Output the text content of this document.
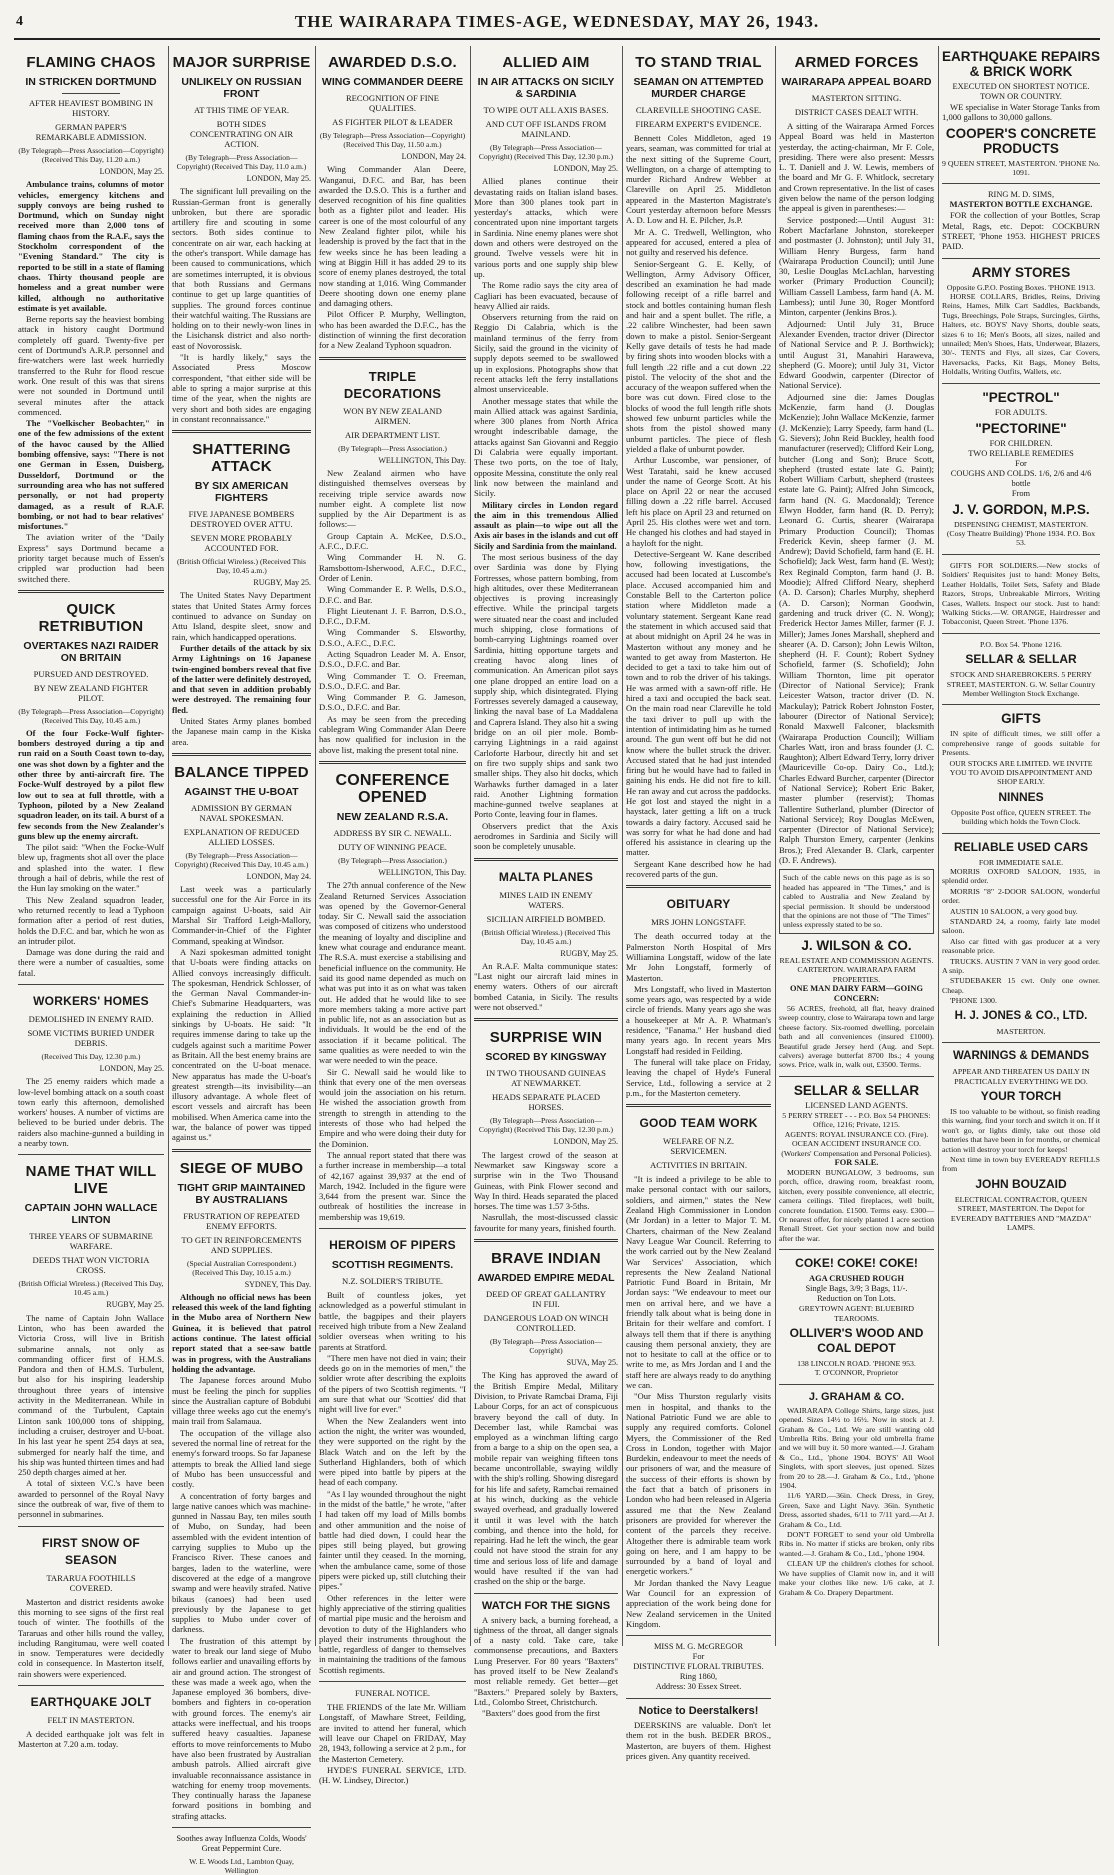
4	THE WAIRARAPA TIMES-AGE, WEDNESDAY, MAY 26, 1943.
FLAMING CHAOS
IN STRICKEN DORTMUND
AFTER HEAVIEST BOMBING IN HISTORY.
GERMAN PAPER'S REMARKABLE ADMISSION.
(By Telegraph—Press Association—Copyright) (Received This Day, 11.20 a.m.)
LONDON, May 25.

Ambulance trains, columns of motor vehicles, emergency kitchens and supply convoys are being rushed to Dortmund, which on Sunday night received more than 2,000 tons of flaming chaos from the R.A.F., says the Stockholm correspondent of the "Evening Standard." The city is reported to be still in a state of flaming chaos. Thirty thousand people are homeless and a great number were killed, although no authoritative estimate is yet available.

Berne reports say the heaviest bombing attack in history caught Dortmund completely off guard. Twenty-five per cent of Dortmund's A.R.P. personnel and fire-watchers were last week hurriedly transferred to the Ruhr for flood rescue work. One result of this was that sirens were not sounded in Dortmund until several minutes after the attack commenced.

The "Voelkischer Beobachter," in one of the few admissions of the extent of the havoc caused by the Allied bombing offensive, says: "There is not one German in Essen, Duisberg, Dusseldorf, Dortmund or the surrounding area who has not suffered personally, or not had property damaged, as a result of R.A.F. bombing, or not had to bear relatives' misfortunes."

The aviation writer of the "Daily Express" says Dortmund became a priority target because much of Essen's crippled war production had been switched there.

QUICK RETRIBUTION
OVERTAKES NAZI RAIDER ON BRITAIN
PURSUED AND DESTROYED.
BY NEW ZEALAND FIGHTER PILOT.
(By Telegraph—Press Association—Copyright) (Received This Day, 10.45 a.m.)

Of the four Focke-Wulf fighter-bombers destroyed during a tip and run raid on a South Coast town to-day, one was shot down by a fighter and the other three by anti-aircraft fire. The Focke-Wulf destroyed by a pilot flew low out to sea at full throttle, with a Typhoon, piloted by a New Zealand squadron leader, on its tail. A burst of a few seconds from the New Zealander's guns blew up the enemy aircraft.

The pilot said: "When the Focke-Wulf blew up, fragments shot all over the place and splashed into the water. I flew through a hail of debris, while the rest of the Hun lay smoking on the water."

This New Zealand squadron leader, who returned recently to lead a Typhoon formation after a period of rest duties, holds the D.F.C. and bar, which he won as an intruder pilot.

Damage was done during the raid and there were a number of casualties, some fatal.

WORKERS' HOMES
DEMOLISHED IN ENEMY RAID.
SOME VICTIMS BURIED UNDER DEBRIS.
(Received This Day, 12.30 p.m.)
LONDON, May 25.

The 25 enemy raiders which made a low-level bombing attack on a south coast town early this afternoon, demolished workers' houses. A number of victims are believed to be buried under debris. The raiders also machine-gunned a building in a nearby town.

NAME THAT WILL LIVE
CAPTAIN JOHN WALLACE LINTON
THREE YEARS OF SUBMARINE WARFARE.
DEEDS THAT WON VICTORIA CROSS.
(British Official Wireless.) (Received This Day, 10.45 a.m.)
RUGBY, May 25.

The name of Captain John Wallace Linton, who has been awarded the Victoria Cross, will live in British submarine annals, not only as commanding officer first of H.M.S. Pandora and then of H.M.S. Turbulent, but also for his inspiring leadership throughout three years of intensive activity in the Mediterranean. While in command of the Turbulent, Captain Linton sank 100,000 tons of shipping, including a cruiser, destroyer and U-boat. In his last year he spent 254 days at sea, submerged for nearly half the time, and his ship was hunted thirteen times and had 250 depth charges aimed at her.

A total of sixteen V.C.'s have been awarded to personnel of the Royal Navy since the outbreak of war, five of them to personnel in submarines.

FIRST SNOW OF SEASON
TARARUA FOOTHILLS COVERED.

Masterton and district residents awoke this morning to see signs of the first real touch of winter. The foothills of the Tararuas and other hills round the valley, including Rangitumau, were well coated in snow. Temperatures were decidedly cold in consequence. In Masterton itself, rain showers were experienced.

EARTHQUAKE JOLT
FELT IN MASTERTON.

A decided earthquake jolt was felt in Masterton at 7.20 a.m. today.

MAJOR SURPRISE
UNLIKELY ON RUSSIAN FRONT
AT THIS TIME OF YEAR.
BOTH SIDES CONCENTRATING ON AIR ACTION.
(By Telegraph—Press Association—Copyright) (Received This Day, 11.0 a.m.)
LONDON, May 25.

The significant lull prevailing on the Russian-German front is generally unbroken, but there are sporadic artillery fire and scouting in some sectors. Both sides continue to concentrate on air war, each hacking at the other's transport. While damage has been caused to communications, which are sometimes interrupted, it is obvious that both Russians and Germans continue to get up large quantities of supplies. The ground forces continue their watchful waiting. The Russians are holding on to their newly-won lines in the Lisichansk district and also north-east of Novorossisk.

"It is hardly likely," says the Associated Press Moscow correspondent, "that either side will be able to spring a major surprise at this time of the year, when the nights are very short and both sides are engaging in constant reconnaissance."

SHATTERING ATTACK
BY SIX AMERICAN FIGHTERS
FIVE JAPANESE BOMBERS DESTROYED OVER ATTU.
SEVEN MORE PROBABLY ACCOUNTED FOR.
(British Official Wireless.) (Received This Day, 10.45 a.m.)
RUGBY, May 25.

The United States Navy Department states that United States Army forces continued to advance on Sunday on Attu Island, despite sleet, snow and rain, which handicapped operations.

Further details of the attack by six Army Lightnings on 16 Japanese twin-engined bombers reveal that five of the latter were definitely destroyed, and that seven in addition probably were destroyed. The remaining four fled.

United States Army planes bombed the Japanese main camp in the Kiska area.

BALANCE TIPPED
AGAINST THE U-BOAT
ADMISSION BY GERMAN NAVAL SPOKESMAN.
EXPLANATION OF REDUCED ALLIED LOSSES.
(By Telegraph—Press Association—Copyright) (Received This Day, 10.45 a.m.)
LONDON, May 24.

Last week was a particularly successful one for the Air Force in its campaign against U-boats, said Air Marshal Sir Trafford Leigh-Mallory, Commander-in-Chief of the Fighter Command, speaking at Windsor.

A Nazi spokesman admitted tonight that U-boats were finding attacks on Allied convoys increasingly difficult. The spokesman, Hendrick Schlosser, of the German Naval Commander-in-Chief's Submarine Headquarters, was explaining the reduction in Allied sinkings by U-boats. He said: "It requires immense daring to take up the cudgels against such a maritime Power as Britain. All the best enemy brains are concentrated on the U-boat menace. New apparatus has made the U-boat's greatest strength—its invisibility—an illusory advantage. A whole fleet of escort vessels and aircraft has been mobilised. When America came into the war, the balance of power was tipped against us."

SIEGE OF MUBO
TIGHT GRIP MAINTAINED BY AUSTRALIANS
FRUSTRATION OF REPEATED ENEMY EFFORTS.
TO GET IN REINFORCEMENTS AND SUPPLIES.
(Special Australian Correspondent.) (Received This Day, 10.15 a.m.)
SYDNEY, This Day.

Although no official news has been released this week of the land fighting in the Mubo area of Northern New Guinea, it is believed that patrol actions continue. The latest official report stated that a see-saw battle was in progress, with the Australians holding the advantage.

The Japanese forces around Mubo must be feeling the pinch for supplies since the Australian capture of Bobdubi village three weeks ago cut the enemy's main trail from Salamaua.

The occupation of the village also severed the normal line of retreat for the enemy's forward troops. So far Japanese attempts to break the Allied land siege of Mubo has been unsuccessful and costly.

A concentration of forty barges and large native canoes which was machine-gunned in Nassau Bay, ten miles south of Mubo, on Sunday, had been assembled with the evident intention of carrying supplies to Mubo up the Francisco River. These canoes and barges, laden to the waterline, were discovered at the edge of a mangrove swamp and were heavily strafed. Native bikaus (canoes) had been used previously by the Japanese to get supplies to Mubo under cover of darkness.

The frustration of this attempt by water to break our land siege of Mubo follows earlier and unavailing efforts by air and ground action. The strongest of these was made a week ago, when the Japanese employed 36 bombers, dive-bombers and fighters in co-operation with ground forces. The enemy's air attacks were ineffectual, and his troops suffered heavy casualties. Japanese efforts to move reinforcements to Mubo have also been frustrated by Australian ambush patrols. Allied aircraft give invaluable reconnaissance assistance in watching for enemy troop movements. They continually harass the Japanese forward positions in bombing and strafing attacks.

Soothes away Influenza Colds, Woods' Great Peppermint Cure.
W. E. Woods Ltd., Lambton Quay, Wellington
AWARDED D.S.O.
WING COMMANDER DEERE
RECOGNITION OF FINE QUALITIES.
AS FIGHTER PILOT & LEADER
(By Telegraph—Press Association—Copyright) (Received This Day, 11.50 a.m.)
LONDON, May 24.

Wing Commander Alan Deere, Wanganui, D.F.C. and Bar, has been awarded the D.S.O. This is a further and deserved recognition of his fine qualities both as a fighter pilot and leader. His career is one of the most colourful of any New Zealand fighter pilot, while his leadership is proved by the fact that in the few weeks since he has been leading a wing at Biggin Hill it has added 29 to its score of enemy planes destroyed, the total now standing at 1,016. Wing Commander Deere shooting down one enemy plane and damaging others.

Pilot Officer P. Murphy, Wellington, who has been awarded the D.F.C., has the distinction of winning the first decoration for a New Zealand Typhoon squadron.

TRIPLE DECORATIONS
WON BY NEW ZEALAND AIRMEN.
AIR DEPARTMENT LIST.
(By Telegraph—Press Association.)
WELLINGTON, This Day.

New Zealand airmen who have distinguished themselves overseas by receiving triple service awards now number eight. A complete list now supplied by the Air Department is as follows:—

Group Captain A. McKee, D.S.O., A.F.C., D.F.C.

Wing Commander H. N. G. Ramsbottom-Isherwood, A.F.C., D.F.C., Order of Lenin.

Wing Commander E. P. Wells, D.S.O., D.F.C. and Bar.

Flight Lieutenant J. F. Barron, D.S.O., D.F.C., D.F.M.

Wing Commander S. Elsworthy, D.S.O., A.F.C., D.F.C.

Acting Squadron Leader M. A. Ensor, D.S.O., D.F.C. and Bar.

Wing Commander T. O. Freeman, D.S.O., D.F.C. and Bar.

Wing Commander P. G. Jameson, D.S.O., D.F.C. and Bar.

As may be seen from the preceding cablegram Wing Commander Alan Deere has now qualified for inclusion in the above list, making the present total nine.

CONFERENCE OPENED
NEW ZEALAND R.S.A.
ADDRESS BY SIR C. NEWALL.
DUTY OF WINNING PEACE.
(By Telegraph—Press Association.)
WELLINGTON, This Day.

The 27th annual conference of the New Zealand Returned Services Association was opened by the Governor-General today. Sir C. Newall said the association was composed of citizens who understood the meaning of loyalty and discipline and knew what courage and endurance meant. The R.S.A. must exercise a stabilising and beneficial influence on the community. He said its good name depended as much on what was put into it as on what was taken out. He added that he would like to see more members taking a more active part in public life, not as an association but as individuals. It would be the end of the association if it became political. The same qualities as were needed to win the war were needed to win the peace.

Sir C. Newall said he would like to think that every one of the men overseas would join the association on his return. He wished the association growth from strength to strength in attending to the interests of those who had helped the Empire and who were doing their duty for the Dominion.

The annual report stated that there was a further increase in membership—a total of 42,167 against 39,937 at the end of March, 1942. Included in the figure were 3,644 from the present war. Since the outbreak of hostilities the increase in membership was 19,619.

HEROISM OF PIPERS
SCOTTISH REGIMENTS.
N.Z. SOLDIER'S TRIBUTE.

Built of countless jokes, yet acknowledged as a powerful stimulant in battle, the bagpipes and their players received high tribute from a New Zealand soldier overseas when writing to his parents at Stratford.

"There men have not died in vain; their deeds go on in the memories of men," the soldier wrote after describing the exploits of the pipers of two Scottish regiments. "I am sure that what our 'Scotties' did that night will live for ever."

When the New Zealanders went into action the night, the writer was wounded, they were supported on the right by the Black Watch and on the left by the Sutherland Highlanders, both of which were piped into battle by pipers at the head of each company.

"As I lay wounded throughout the night in the midst of the battle," he wrote, "after I had taken off my load of Mills bombs and other ammunition and the noise of battle had died down, I could hear the pipes still being played, but growing fainter until they ceased. In the morning, when the ambulance came, some of those pipers were picked up, still clutching their pipes."

Other references in the letter were highly appreciative of the stirring qualities of martial pipe music and the heroism and devotion to duty of the Highlanders who played their instruments throughout the battle, regardless of danger to themselves in maintaining the traditions of the famous Scottish regiments.

FUNERAL NOTICE.

THE FRIENDS of the late Mr. William Longstaff, of Mawhare Street, Feilding, are invited to attend her funeral, which will leave our Chapel on FRIDAY, May 28, 1943, following a service at 2 p.m., for the Masterton Cemetery.

HYDE'S FUNERAL SERVICE, LTD. (H. W. Lindsey, Director.)

ALLIED AIM
IN AIR ATTACKS ON SICILY & SARDINIA
TO WIPE OUT ALL AXIS BASES.
AND CUT OFF ISLANDS FROM MAINLAND.
(By Telegraph—Press Association—Copyright) (Received This Day, 12.30 p.m.)
LONDON, May 25.

Allied planes continue their devastating raids on Italian island bases. More than 300 planes took part in yesterday's attacks, which were concentrated upon nine important targets in Sardinia. Nine enemy planes were shot down and others were destroyed on the ground. Twelve vessels were hit in various ports and one supply ship blew up.

The Rome radio says the city area of Cagliari has been evacuated, because of heavy Allied air raids.

Observers returning from the raid on Reggio Di Calabria, which is the mainland terminus of the ferry from Sicily, said the ground in the vicinity of supply depots seemed to be swallowed up in explosions. Photographs show that recent attacks left the ferry installations almost unserviceable.

Another message states that while the main Allied attack was against Sardinia, where 300 planes from North Africa wrought indescribable damage, the attacks against San Giovanni and Reggio Di Calabria were equally important. These two ports, on the toe of Italy, opposite Messina, constitute the only real link now between the mainland and Sicily.

Military circles in London regard the aim in this tremendous Allied assault as plain—to wipe out all the Axis air bases in the islands and cut off Sicily and Sardinia from the mainland.

The most serious business of the day over Sardinia was done by Flying Fortresses, whose pattern bombing, from high altitudes, over these Mediterranean objectives is proving increasingly effective. While the principal targets were situated near the coast and included much shipping, close formations of bomb-carrying Lightnings roamed over Sardinia, hitting opportune targets and creating havoc along lines of communication. An American pilot says one plane dropped an entire load on a supply ship, which disintegrated. Flying Fortresses severely damaged a causeway, linking the naval base of La Maddalena and Caprera Island. They also hit a swing bridge on an oil pier mole. Bomb-carrying Lightnings in a raid against Carloforte Harbour, directly hit and set on fire two supply ships and sank two smaller ships. They also hit docks, which Warhawks further damaged in a later raid. Another Lightning formation machine-gunned twelve seaplanes at Porto Conte, leaving four in flames.

Observers predict that the Axis aerodromes in Sardinia and Sicily will soon be completely unusable.

MALTA PLANES
MINES LAID IN ENEMY WATERS.
SICILIAN AIRFIELD BOMBED.
(British Official Wireless.) (Received This Day, 10.45 a.m.)
RUGBY, May 25.

An R.A.F. Malta communique states: "Last night our aircraft laid mines in enemy waters. Others of our aircraft bombed Catania, in Sicily. The results were not observed."

SURPRISE WIN
SCORED BY KINGSWAY
IN TWO THOUSAND GUINEAS AT NEWMARKET.
HEADS SEPARATE PLACED HORSES.
(By Telegraph—Press Association—Copyright) (Received This Day, 12.30 p.m.)
LONDON, May 25.

The largest crowd of the season at Newmarket saw Kingsway score a surprise win in the Two Thousand Guineas, with Pink Flower second and Way In third. Heads separated the placed horses. The time was 1.57 3-5ths.

Nasrullah, the most-discussed classic favourite for many years, finished fourth.

BRAVE INDIAN
AWARDED EMPIRE MEDAL
DEED OF GREAT GALLANTRY IN FIJI.
DANGEROUS LOAD ON WINCH CONTROLLED.
(By Telegraph—Press Association—Copyright)
SUVA, May 25.

The King has approved the award of the British Empire Medal, Military Division, to Private Ramcbai Drama, Fiji Labour Corps, for an act of conspicuous bravery beyond the call of duty. In December last, while Ramcbai was employed as a winchman lifting cargo from a barge to a ship on the open sea, a mobile repair van weighing fifteen tons became uncontrollable, swaying wildly with the ship's rolling. Showing disregard for his life and safety, Ramcbai remained at his winch, ducking as the vehicle swayed overhead, and gradually lowered it until it was level with the hatch combing, and thence into the hold, for repairing. Had he left the winch, the gear could not have stood the strain for any time and serious loss of life and damage would have resulted if the van had crashed on the ship or the barge.

WATCH FOR THE SIGNS

A snivery back, a burning forehead, a tightness of the throat, all danger signals of a nasty cold. Take care, take commonsense precautions, and Baxters Lung Preserver. For 80 years "Baxters" has proved itself to be New Zealand's most reliable remedy. Get better—get "Baxters." Prepared solely by Baxters, Ltd., Colombo Street, Christchurch.

"Baxters" does good from the first

TO STAND TRIAL
SEAMAN ON ATTEMPTED MURDER CHARGE
CLAREVILLE SHOOTING CASE.
FIREARM EXPERT'S EVIDENCE.

Bennett Coles Middleton, aged 19 years, seaman, was committed for trial at the next sitting of the Supreme Court, Wellington, on a charge of attempting to murder Richard Andrew Webber at Clareville on April 25. Middleton appeared in the Masterton Magistrate's Court yesterday afternoon before Messrs A. D. Low and H. E. Pilcher, Js.P.

Mr A. C. Tredwell, Wellington, who appeared for accused, entered a plea of not guilty and reserved his defence.

Senior-Sergeant G. E. Kelly, of Wellington, Army Advisory Officer, described an examination he had made following receipt of a rifle barrel and stock and bottles containing human flesh and hair and a spent bullet. The rifle, a .22 calibre Winchester, had been sawn down to make a pistol. Senior-Sergeant Kelly gave details of tests he had made by firing shots into wooden blocks with a full length .22 rifle and a cut down .22 pistol. The velocity of the shot and the accuracy of the weapon suffered when the bore was cut down. Fired close to the blocks of wood the full length rifle shots showed few unburnt particles while the shots from the pistol showed many unburnt particles. The piece of flesh yielded a flake of unburnt powder.

Arthur Luscombe, war pensioner, of West Taratahi, said he knew accused under the name of George Scott. At his place on April 22 or near the accused filling down a .22 rifle barrel. Accused left his place on April 23 and returned on April 25. His clothes were wet and torn. He changed his clothes and had stayed in a hayloft for the night.

Detective-Sergeant W. Kane described how, following investigations, the accused had been located at Luscombe's place. Accused accompanied him and Constable Bell to the Carterton police station where Middleton made a voluntary statement. Sergeant Kane read the statement in which accused said that at about midnight on April 24 he was in Masterton without any money and he wanted to get away from Masterton. He decided to get a taxi to take him out of town and to rob the driver of his takings. He was armed with a sawn-off rifle. He hired a taxi and occupied the back seat. On the main road near Clareville he told the taxi driver to pull up with the intention of intimidating him as he turned around. The gun went off but he did not know where the bullet struck the driver. Accused stated that he had just intended firing but he would have had to failed in gaining his ends. He did not fire to kill. He ran away and cut across the paddocks. He got lost and stayed the night in a haystack, later getting a lift on a truck towards a dairy factory. Accused said he was sorry for what he had done and had offered his assistance in clearing up the matter.

Sergeant Kane described how he had recovered parts of the gun.

OBITUARY
MRS JOHN LONGSTAFF.

The death occurred today at the Palmerston North Hospital of Mrs Williamina Longstaff, widow of the late Mr John Longstaff, formerly of Masterton.

Mrs Longstaff, who lived in Masterton some years ago, was respected by a wide circle of friends. Many years ago she was a housekeeper at Mr A. P. Whatman's residence, "Fanama." Her husband died many years ago. In recent years Mrs Longstaff had resided in Feilding.

The funeral will take place on Friday, leaving the chapel of Hyde's Funeral Service, Ltd., following a service at 2 p.m., for the Masterton cemetery.

GOOD TEAM WORK
WELFARE OF N.Z. SERVICEMEN.
ACTIVITIES IN BRITAIN.

"It is indeed a privilege to be able to make personal contact with our sailors, soldiers, and airmen," states the New Zealand High Commissioner in London (Mr Jordan) in a letter to Major T. M. Charters, chairman of the New Zealand Navy League War Council. Referring to the work carried out by the New Zealand War Services' Association, which represents the New Zealand National Patriotic Fund Board in Britain, Mr Jordan says: "We endeavour to meet our men on arrival here, and we have a friendly talk about what is being done in Britain for their welfare and comfort. I always tell them that if there is anything causing them personal anxiety, they are not to hesitate to call at the office or to write to me, as Mrs Jordan and I and the staff here are always ready to do anything we can.

"Our Miss Thurston regularly visits men in hospital, and thanks to the National Patriotic Fund we are able to supply any required comforts. Colonel Myers, the Commissioner of the Red Cross in London, together with Major Burdekin, endeavour to meet the needs of our prisoners of war, and the measure of the success of their efforts is shown by the fact that a batch of prisoners in London who had been released in Algeria assured me that the New Zealand prisoners are provided for wherever the content of the parcels they receive. Altogether there is admirable team work going on here, and I am happy to be surrounded by a band of loyal and energetic workers."

Mr Jordan thanked the Navy League War Council for an expression of appreciation of the work being done for New Zealand servicemen in the United Kingdom.

MISS M. G. McGREGOR
For
DISTINCTIVE FLORAL TRIBUTES.
Ring 1860,
Address: 30 Essex Street.
Notice to Deerstalkers!

DEERSKINS are valuable. Don't let them rot in the bush. BEDER BROS., Masterton, are buyers of them. Highest prices given. Any quantity received.

ARMED FORCES
WAIRARAPA APPEAL BOARD
MASTERTON SITTING.
DISTRICT CASES DEALT WITH.

A sitting of the Wairarapa Armed Forces Appeal Board was held in Masterton yesterday, the acting-chairman, Mr F. Cole, presiding. There were also present: Messrs L. T. Daniell and J. W. Lewis, members of the board and Mr G. F. Whitlock, secretary and Crown representative. In the list of cases given below the name of the person lodging the appeal is given in parentheses:—

Service postponed:—Until August 31: Robert Macfarlane Johnston, storekeeper and postmaster (J. Johnston); until July 31, William Henry Burgess, farm hand (Wairarapa Production Council); until June 30, Leslie Douglas McLachlan, harvesting worker (Primary Production Council); William Cassell Lambess, farm hand (A. M. Lambess); until June 30, Roger Montford Minton, carpenter (Jenkins Bros.).

Adjourned: Until July 31, Bruce Alexander Evenden, tractor driver (Director of National Service and P. J. Borthwick); until August 31, Manahiri Haraweva, shepherd (G. Moore); until July 31, Victor Edward Goodwin, carpenter (Director of National Service).

Adjourned sine die: James Douglas McKenzie, farm hand (J. Douglas McKenzie); John Wallace McKenzie, farmer (J. McKenzie); Larry Speedy, farm hand (L. G. Sievers); John Reid Buckley, health food manufacturer (reserved); Clifford Keir Long, butcher (Long and Son); Bruce Scott, shepherd (trusted estate late G. Paint); Robert William Carbutt, shepherd (trustees estate late G. Paint); Alfred John Simcock, farm hand (N. G. Macdonald); Terence Elwyn Hodder, farm hand (R. D. Perry); Leonard G. Curtis, shearer (Wairarapa Primary Production Council); Thomas Frederick Kevin, sheep farmer (J. M. Andrew); David Schofield, farm hand (E. H. Schofield); Jack West, farm hand (E. West); Rex Reginald Compton, farm hand (J. B. Moodie); Alfred Clifford Neary, shepherd (A. D. Carson); Charles Murphy, shepherd (A. D. Carson); Norman Goodwin, gardening and truck driver (C. N. Wong); Frederick Hector James Miller, farmer (F. J. Miller); James Jones Marshall, shepherd and shearer (A. D. Carson); John Lewis Wilton, shepherd (H. F. Count); Robert Sydney Schofield, farmer (S. Schofield); John William Thornton, lime pit operator (Director of National Service); Frank Leicester Watson, tractor driver (D. N. Mackulay); Patrick Robert Johnston Foster, labourer (Director of National Service); Ronald Maxwell Falconer, blacksmith (Wairarapa Production Council); William Charles Watt, iron and brass founder (J. C. Raughton); Albert Edward Terry, lorry driver (Mauriceville Co-op. Dairy Co., Ltd.); Charles Edward Burcher, carpenter (Director of National Service); Robert Eric Baker, master plumber (reservist); Thomas Tallentire Sutherland, plumber (Director of National Service); Roy Douglas McEwen, carpenter (Director of National Service); Ralph Thurston Emery, carpenter (Jenkins Bros.); Fred Alexander B. Clark, carpenter (D. F. Andrews).

Such of the cable news on this page as is so headed has appeared in "The Times," and is cabled to Australia and New Zealand by special permission. It should be understood that the opinions are not those of "The Times" unless expressly stated to be so.
J. WILSON & CO.
REAL ESTATE AND COMMISSION AGENTS. CARTERTON. WAIRARAPA FARM PROPERTIES.
ONE MAN DAIRY FARM—GOING CONCERN:

56 ACRES, freehold, all flat, heavy drained sweep country, close to Wairarapa town and large cheese factory. Six-roomed dwelling, porcelain bath and all conveniences (insured £1000). Beautiful grade Jersey herd (Aug. and Sept. calvers) average butterfat 8700 lbs.; 4 young sows. Price, walk in, walk out, £3500. Terms.

SELLAR & SELLAR
LICENSED LAND AGENTS.
5 PERRY STREET - - - P.O. Box 54 PHONES: Office, 1216; Private, 1215.
AGENTS: ROYAL INSURANCE CO. (Fire). OCEAN ACCIDENT INSURANCE CO. (Workers' Compensation and Personal Policies).
FOR SALE.

MODERN BUNGALOW, 3 bedrooms, sun porch, office, drawing room, breakfast room, kitchen, every possible convenience, all electric, camera ceilings. Tiled fireplaces, well built, concrete foundation. £1500. Terms easy. £300—Or nearest offer, for nicely planted 1 acre section Renall Street. Get your section now and build after the war.

COKE! COKE! COKE!
AGA CRUSHED ROUGH
Single Bags, 3/9; 3 Bags, 11/-.
Reduction on Ton Lots.
GREYTOWN AGENT: BLUEBIRD TEAROOMS.
OLLIVER'S WOOD AND COAL DEPOT
138 LINCOLN ROAD. 'PHONE 953.
T. O'CONNOR, Proprietor
J. GRAHAM & CO.

WAIRARAPA College Shirts, large sizes, just opened. Sizes 14½ to 16½. Now in stock at J. Graham & Co., Ltd. We are still wanting old Umbrella Ribs. Bring your old umbrella frame and we will buy it. 50 more wanted.—J. Graham & Co., Ltd., 'phone 1904. BOYS' All Wool Singlets, with sport sleeves, just opened. Sizes from 20 to 28.—J. Graham & Co., Ltd., 'phone 1904.

11/6 YARD.—36in. Check Dress, in Grey, Green, Saxe and Light Navy. 36in. Synthetic Dress, assorted shades, 6/11 to 7/11 yard.—At J. Graham & Co., Ltd.

DON'T FORGET to send your old Umbrella Ribs in. No matter if sticks are broken, only ribs wanted.—J. Graham & Co., Ltd., 'phone 1904.

CLEAN UP the children's clothes for school. We have supplies of Clamit now in, and it will make your clothes like new. 1/6 cake, at J. Graham & Co. Drapery Department.

EARTHQUAKE REPAIRS & BRICK WORK
EXECUTED ON SHORTEST NOTICE.
TOWN OR COUNTRY.

WE specialise in Water Storage Tanks from 1,000 gallons to 30,000 gallons.

COOPER'S CONCRETE PRODUCTS
9 QUEEN STREET, MASTERTON. 'PHONE No. 1091.
RING M. D. SIMS,
MASTERTON BOTTLE EXCHANGE.

FOR the collection of your Bottles, Scrap Metal, Rags, etc. Depot: COCKBURN STREET, 'Phone 1953. HIGHEST PRICES PAID.

ARMY STORES
Opposite G.P.O. Posting Boxes. 'PHONE 1913.

HORSE COLLARS, Bridles, Reins, Driving Reins, Hames, Milk Cart Saddles, Backbands, Tugs, Breechings, Pole Straps, Surcingles, Girths, Halters, etc. BOYS' Navy Shorts, double seats, sizes 6 to 16; Men's Boots, all sizes, nailed and unnailed; Men's Shoes, Hats, Underwear, Blazers, 30/-. TENTS and Flys, all sizes, Car Covers, Haversacks, Packs, Kit Bags, Money Belts, Holdalls, Writing Outfits, Wallets, etc.

"PECTROL"
FOR ADULTS.
"PECTORINE"
FOR CHILDREN.
TWO RELIABLE REMEDIES
For
COUGHS AND COLDS. 1/6, 2/6 and 4/6 bottle
From
J. V. GORDON, M.P.S.
DISPENSING CHEMIST, MASTERTON.
(Cosy Theatre Building) 'Phone 1934. P.O. Box 53.

GIFTS FOR SOLDIERS.—New stocks of Soldiers' Requisites just to hand: Money Belts, Leather Holdalls, Toilet Sets, Safety and Blade Razors, Strops, Unbreakable Mirrors, Writing Cases, Wallets. Inspect our stock. Just to hand: Walking Sticks.—W. ORANGE, Hairdresser and Tobacconist, Queen Street. 'Phone 1376.

P.O. Box 54. 'Phone 1216.
SELLAR & SELLAR
STOCK AND SHAREBROKERS. 5 PERRY STREET, MASTERTON. G. W. Sellar Country Member Wellington Stock Exchange.
GIFTS

IN spite of difficult times, we still offer a comprehensive range of goods suitable for Presents.

OUR STOCKS ARE LIMITED. WE INVITE YOU TO AVOID DISAPPOINTMENT AND SHOP EARLY.
NINNES
Opposite Post office, QUEEN STREET. The building which holds the Town Clock.
RELIABLE USED CARS
FOR IMMEDIATE SALE.

MORRIS OXFORD SALOON, 1935, in splendid order.

MORRIS "8" 2-DOOR SALOON, wonderful order.

AUSTIN 10 SALOON, a very good buy.

STANDARD 24, a roomy, fairly late model saloon.

Also car fitted with gas producer at a very reasonable price.

TRUCKS. AUSTIN 7 VAN in very good order. A snip.

STUDEBAKER 15 cwt. Only one owner. Cheap.

'PHONE 1300.

H. J. JONES & CO., LTD.
MASTERTON.
WARNINGS & DEMANDS
APPEAR AND THREATEN US DAILY IN PRACTICALLY EVERYTHING WE DO.
YOUR TORCH

IS too valuable to be without, so finish reading this warning, find your torch and switch it on. If it won't go, or lights dimly, take out those old batteries that have been in for months, or chemical action will destroy your torch for keeps!

Next time in town buy EVEREADY REFILLS from

JOHN BOUZAID
ELECTRICAL CONTRACTOR, QUEEN STREET, MASTERTON. The Depot for EVEREADY BATTERIES AND "MAZDA" LAMPS.
